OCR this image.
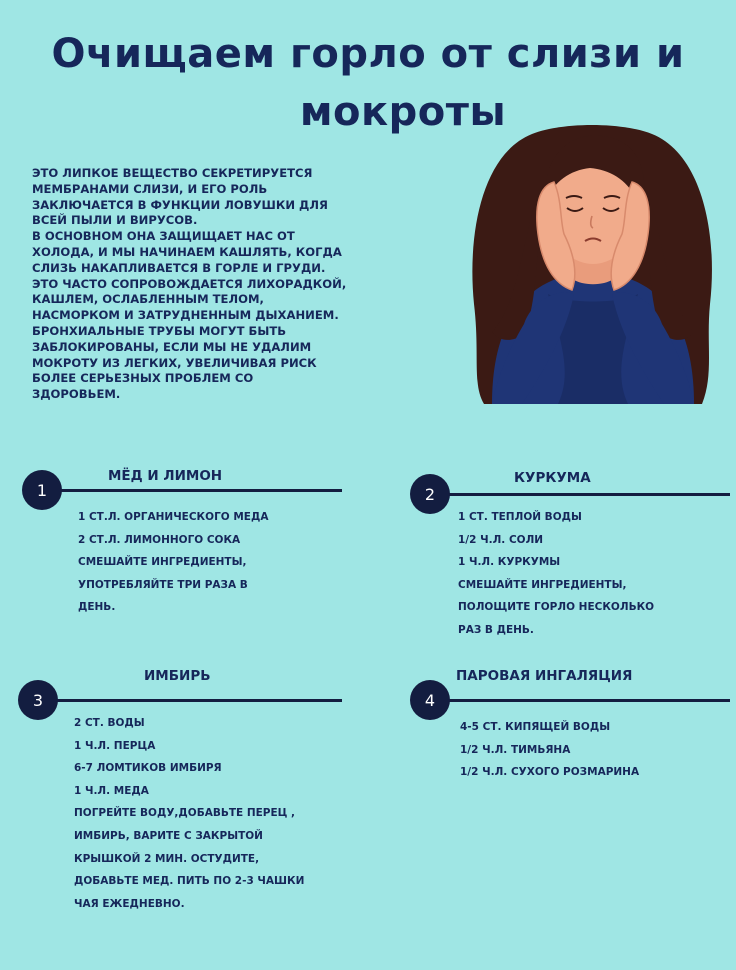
Очищаем горло от слизи и
мокроты
ЭТО ЛИПКОЕ ВЕЩЕСТВО СЕКРЕТИРУЕТСЯ
МЕМБРАНАМИ СЛИЗИ, И ЕГО РОЛЬ
ЗАКЛЮЧАЕТСЯ В ФУНКЦИИ ЛОВУШКИ ДЛЯ
ВСЕЙ ПЫЛИ И ВИРУСОВ.
В ОСНОВНОМ ОНА ЗАЩИЩАЕТ НАС ОТ
ХОЛОДА, И МЫ НАЧИНАЕМ КАШЛЯТЬ, КОГДА
СЛИЗЬ НАКАПЛИВАЕТСЯ В ГОРЛЕ И ГРУДИ.
ЭТО ЧАСТО СОПРОВОЖДАЕТСЯ ЛИХОРАДКОЙ,
КАШЛЕМ, ОСЛАБЛЕННЫМ ТЕЛОМ,
НАСМОРКОМ И ЗАТРУДНЕННЫМ ДЫХАНИЕМ.
БРОНХИАЛЬНЫЕ ТРУБЫ МОГУТ БЫТЬ
ЗАБЛОКИРОВАНЫ, ЕСЛИ МЫ НЕ УДАЛИМ
МОКРОТУ ИЗ ЛЕГКИХ, УВЕЛИЧИВАЯ РИСК
БОЛЕЕ СЕРЬЕЗНЫХ ПРОБЛЕМ СО
ЗДОРОВЬЕМ.
1
МЁД И ЛИМОН
1 СТ.Л. ОРГАНИЧЕСКОГО МЕДА
2 СТ.Л. ЛИМОННОГО СОКА
СМЕШАЙТЕ ИНГРЕДИЕНТЫ,
УПОТРЕБЛЯЙТЕ ТРИ РАЗА В
ДЕНЬ.
2
КУРКУМА
1 СТ. ТЕПЛОЙ ВОДЫ
1/2 Ч.Л. СОЛИ
1 Ч.Л. КУРКУМЫ
СМЕШАЙТЕ ИНГРЕДИЕНТЫ,
ПОЛОЩИТЕ ГОРЛО НЕСКОЛЬКО
РАЗ В ДЕНЬ.
3
ИМБИРЬ
2 СТ. ВОДЫ
1 Ч.Л. ПЕРЦА
6-7 ЛОМТИКОВ ИМБИРЯ
1 Ч.Л. МЕДА
ПОГРЕЙТЕ ВОДУ,ДОБАВЬТЕ ПЕРЕЦ ,
ИМБИРЬ, ВАРИТЕ С ЗАКРЫТОЙ
КРЫШКОЙ 2 МИН. ОСТУДИТЕ,
ДОБАВЬТЕ МЕД. ПИТЬ ПО 2-3 ЧАШКИ
ЧАЯ ЕЖЕДНЕВНО.
4
ПАРОВАЯ ИНГАЛЯЦИЯ
4-5 СТ. КИПЯЩЕЙ ВОДЫ
1/2 Ч.Л. ТИМЬЯНА
1/2 Ч.Л. СУХОГО РОЗМАРИНА
